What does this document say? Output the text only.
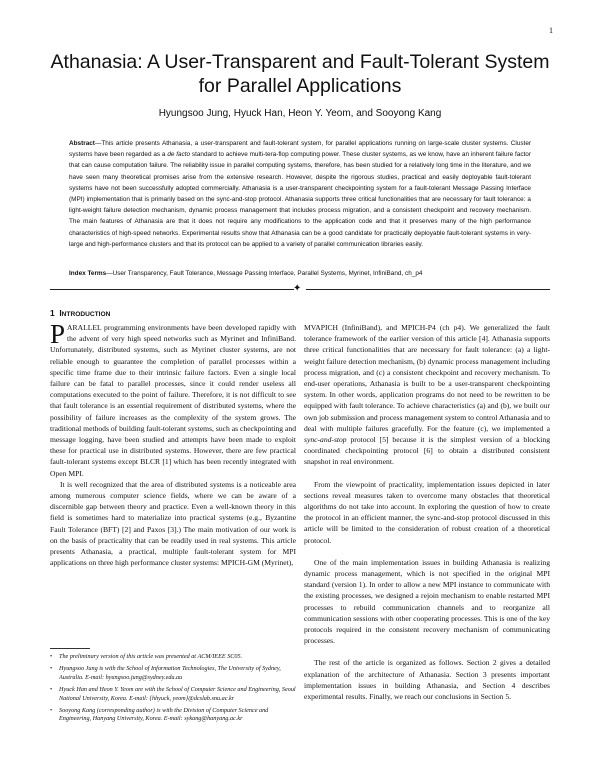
1
Athanasia: A User-Transparent and Fault-Tolerant System
for Parallel Applications
Hyungsoo Jung, Hyuck Han, Heon Y. Yeom, and Sooyong Kang

Abstract—This article presents Athanasia, a user-transparent and fault-tolerant system, for parallel applications running on large-scale cluster systems. Cluster systems have been regarded as a de facto standard to achieve multi-tera-flop computing power. These cluster systems, as we know, have an inherent failure factor that can cause computation failure. The reliability issue in parallel computing systems, therefore, has been studied for a relatively long time in the literature, and we have seen many theoretical promises arise from the extensive research. However, despite the rigorous studies, practical and easily deployable fault-tolerant systems have not been successfully adopted commercially. Athanasia is a user-transparent checkpointing system for a fault-tolerant Message Passing Interface (MPI) implementation that is primarily based on the sync-and-stop protocol. Athanasia supports three critical functionalities that are necessary for fault tolerance: a light-weight failure detection mechanism, dynamic process management that includes process migration, and a consistent checkpoint and recovery mechanism. The main features of Athanasia are that it does not require any modifications to the application code and that it preserves many of the high performance characteristics of high-speed networks. Experimental results show that Athanasia can be a good candidate for practically deployable fault-tolerant systems in very-large and high-performance clusters and that its protocol can be applied to a variety of parallel communication libraries easily.

Index Terms—User Transparency, Fault Tolerance, Message Passing Interface, Parallel Systems, Myrinet, InfiniBand, ch_p4

✦
1 INTRODUCTION

PARALLEL programming environments have been developed rapidly with the advent of very high speed networks such as Myrinet and InfiniBand. Unfortunately, distributed systems, such as Myrinet cluster systems, are not reliable enough to guarantee the completion of parallel processes within a specific time frame due to their intrinsic failure factors. Even a single local failure can be fatal to parallel processes, since it could render useless all computations executed to the point of failure. Therefore, it is not difficult to see that fault tolerance is an essential requirement of distributed systems, where the possibility of failure increases as the complexity of the system grows. The traditional methods of building fault-tolerant systems, such as checkpointing and message logging, have been studied and attempts have been made to exploit these for practical use in distributed systems. However, there are few practical fault-tolerant systems except BLCR [1] which has been recently integrated with Open MPI.

It is well recognized that the area of distributed systems is a noticeable area among numerous computer science fields, where we can be aware of a discernible gap between theory and practice. Even a well-known theory in this field is sometimes hard to materialize into practical systems (e.g., Byzantine Fault Tolerance (BFT) [2] and Paxos [3].) The main motivation of our work is on the basis of practicality that can be readily used in real systems. This article presents Athanasia, a practical, multiple fault-tolerant system for MPI applications on three high performance cluster systems: MPICH-GM (Myrinet),

• The preliminary version of this article was presented at ACM/IEEE SC05.
• Hyungsoo Jung is with the School of Information Technologies, The University of Sydney, Australia. E-mail: hyungsoo.jung@sydney.edu.au
• Hyuck Han and Heon Y. Yeom are with the School of Computer Science and Engineering, Seoul National University, Korea. E-mail: {hhyuck, yeom}@dcslab.snu.ac.kr
• Sooyong Kang (corresponding author) is with the Division of Computer Science and Engineering, Hanyang University, Korea. E-mail: sykang@hanyang.ac.kr

MVAPICH (InfiniBand), and MPICH-P4 (ch p4). We generalized the fault tolerance framework of the earlier version of this article [4]. Athanasia supports three critical functionalities that are necessary for fault tolerance: (a) a light-weight failure detection mechanism, (b) dynamic process management including process migration, and (c) a consistent checkpoint and recovery mechanism. To end-user operations, Athanasia is built to be a user-transparent checkpointing system. In other words, application programs do not need to be rewritten to be equipped with fault tolerance. To achieve characteristics (a) and (b), we built our own job submission and process management system to control Athanasia and to deal with multiple failures gracefully. For the feature (c), we implemented a sync-and-stop protocol [5] because it is the simplest version of a blocking coordinated checkpointing protocol [6] to obtain a distributed consistent snapshot in real environment.

From the viewpoint of practicality, implementation issues depicted in later sections reveal measures taken to overcome many obstacles that theoretical algorithms do not take into account. In exploring the question of how to create the protocol in an efficient manner, the sync-and-stop protocol discussed in this article will be limited to the consideration of robust creation of a theoretical protocol.

One of the main implementation issues in building Athanasia is realizing dynamic process management, which is not specified in the original MPI standard (version 1). In order to allow a new MPI instance to communicate with the existing processes, we designed a rejoin mechanism to enable restarted MPI processes to rebuild communication channels and to reorganize all communication sessions with other cooperating processes. This is one of the key protocols required in the consistent recovery mechanism of communicating processes.

The rest of the article is organized as follows. Section 2 gives a detailed explanation of the architecture of Athanasia. Section 3 presents important implementation issues in building Athanasia, and Section 4 describes experimental results. Finally, we reach our conclusions in Section 5.
